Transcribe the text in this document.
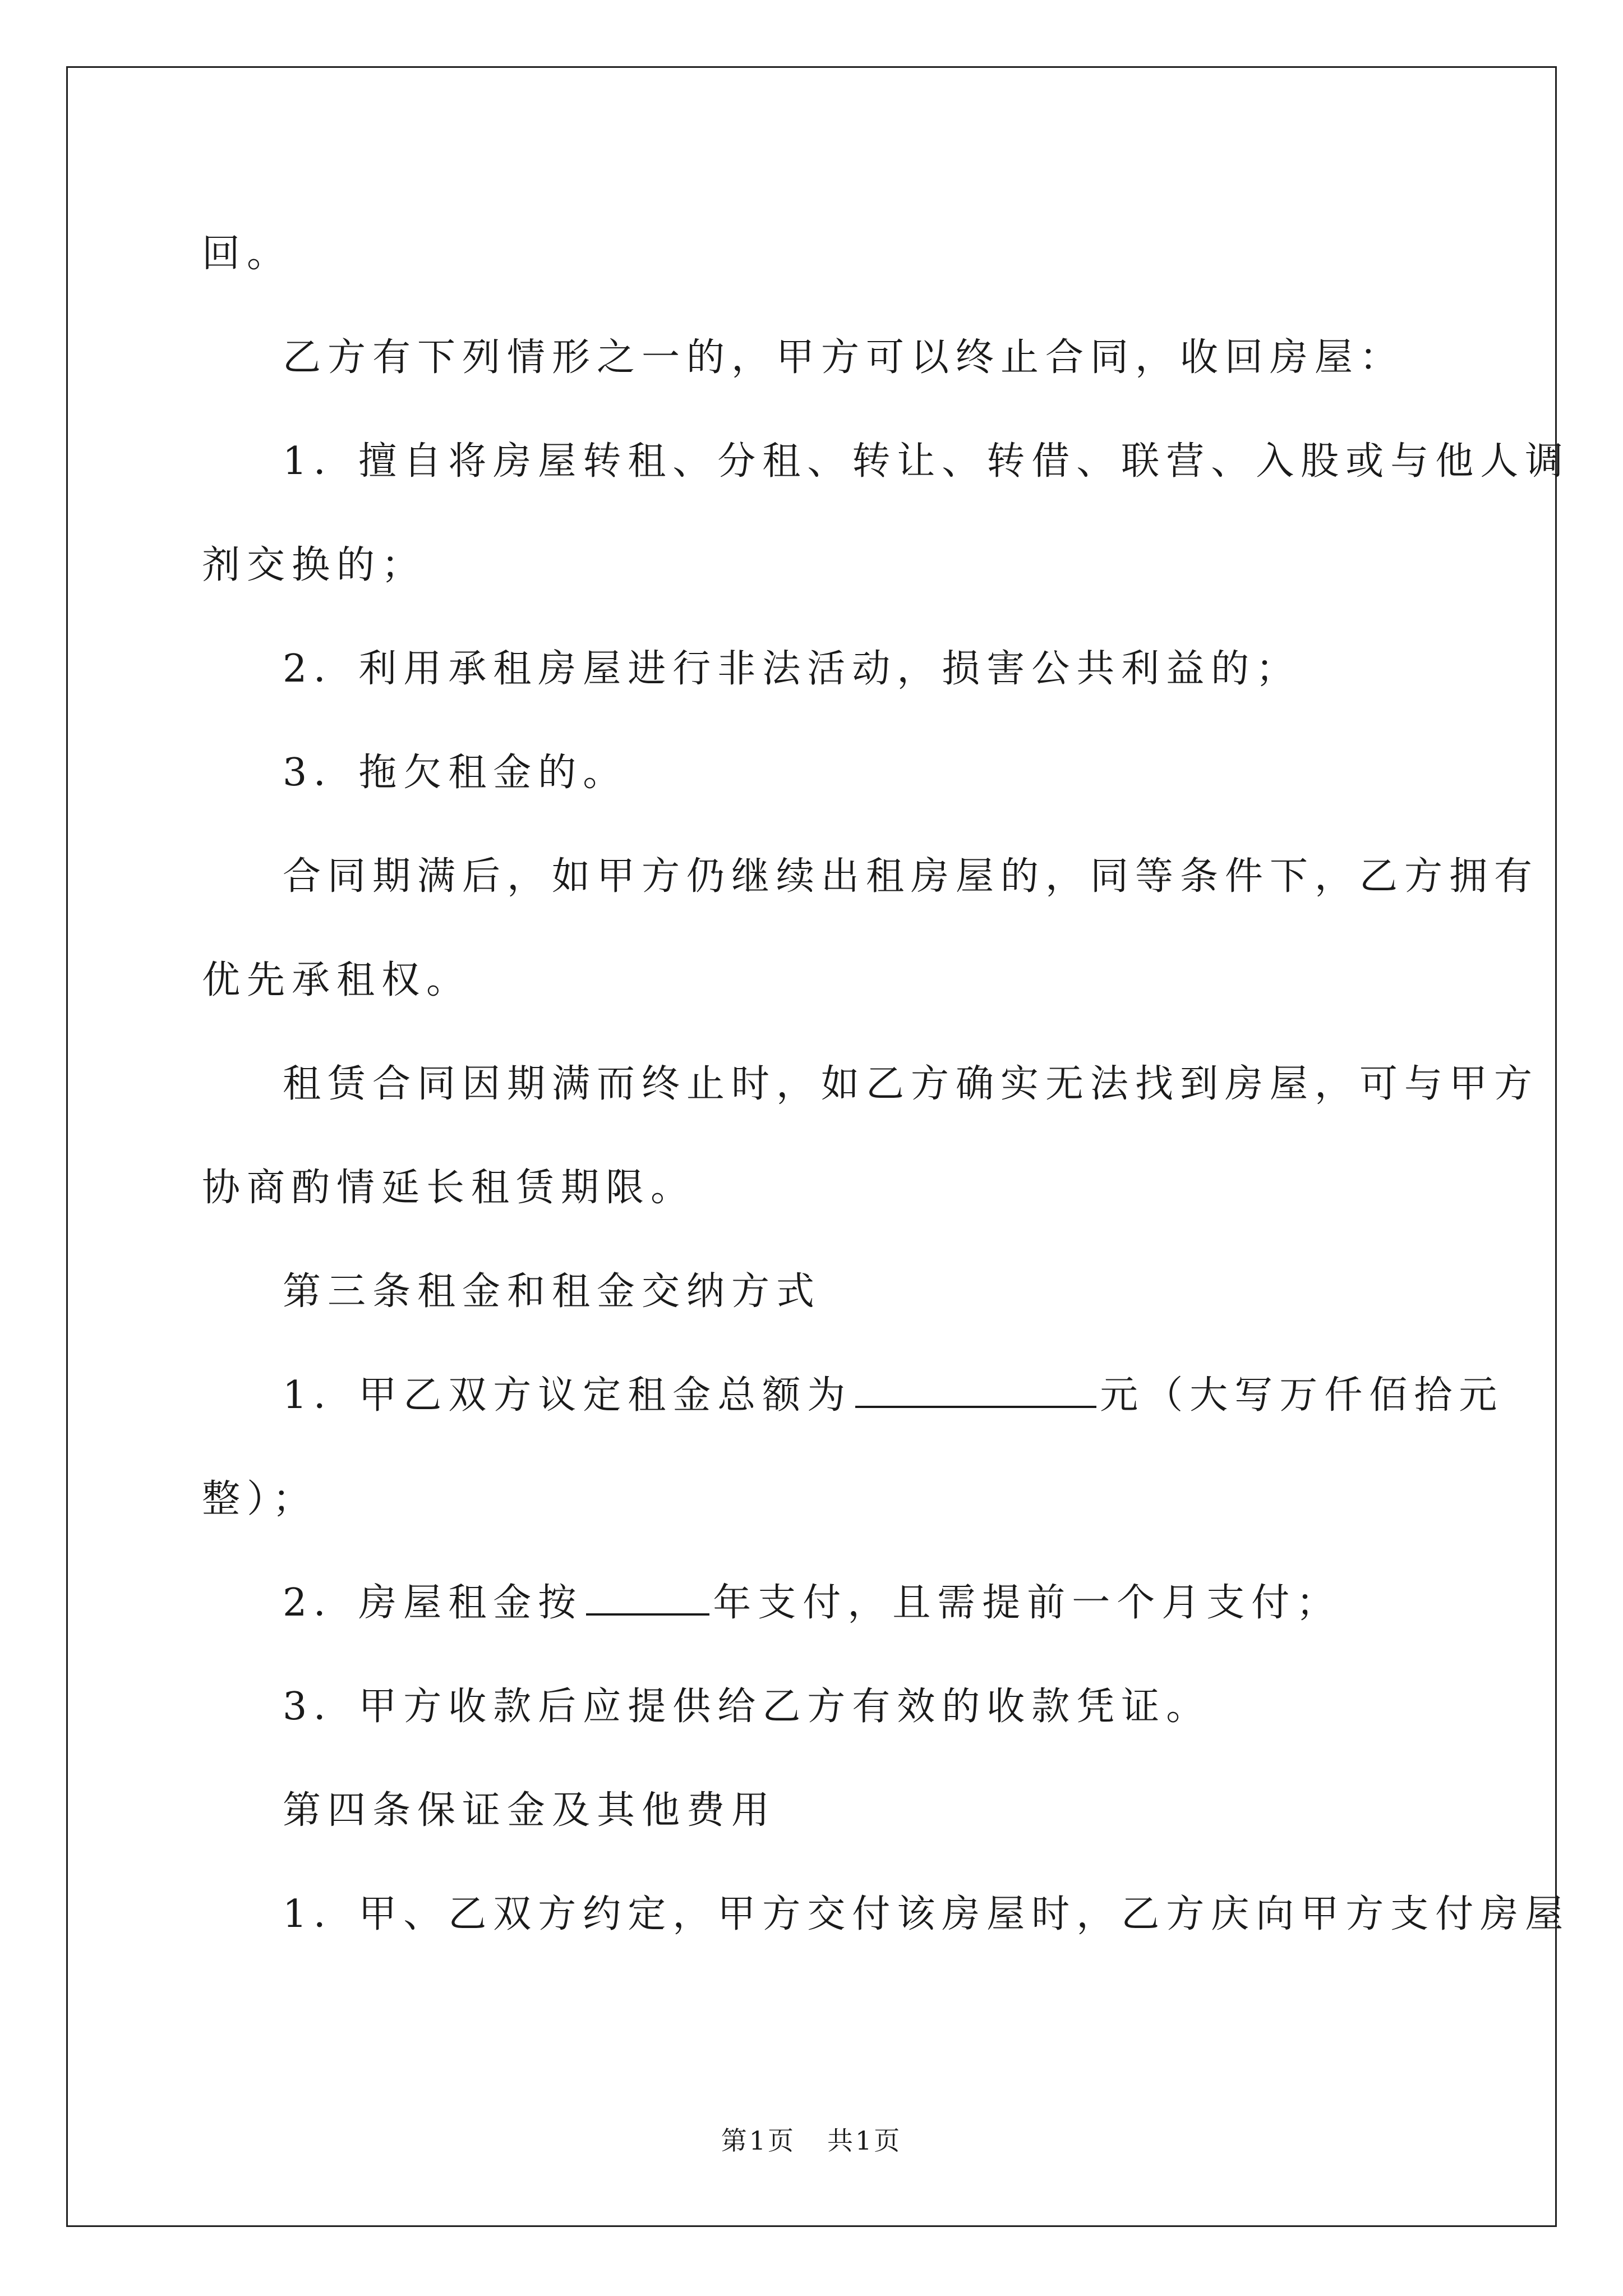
回。

乙方有下列情形之一的，甲方可以终止合同，收回房屋：

1．擅自将房屋转租、分租、转让、转借、联营、入股或与他人调

剂交换的；

2．利用承租房屋进行非法活动，损害公共利益的；

3．拖欠租金的。

合同期满后，如甲方仍继续出租房屋的，同等条件下，乙方拥有

优先承租权。

租赁合同因期满而终止时，如乙方确实无法找到房屋，可与甲方

协商酌情延长租赁期限。

第三条租金和租金交纳方式

1．甲乙双方议定租金总额为	元（大写万仟佰拾元

整）；

2．房屋租金按	年支付，且需提前一个月支付；

3．甲方收款后应提供给乙方有效的收款凭证。

第四条保证金及其他费用

1．甲、乙双方约定，甲方交付该房屋时，乙方庆向甲方支付房屋

第1页 共1页
